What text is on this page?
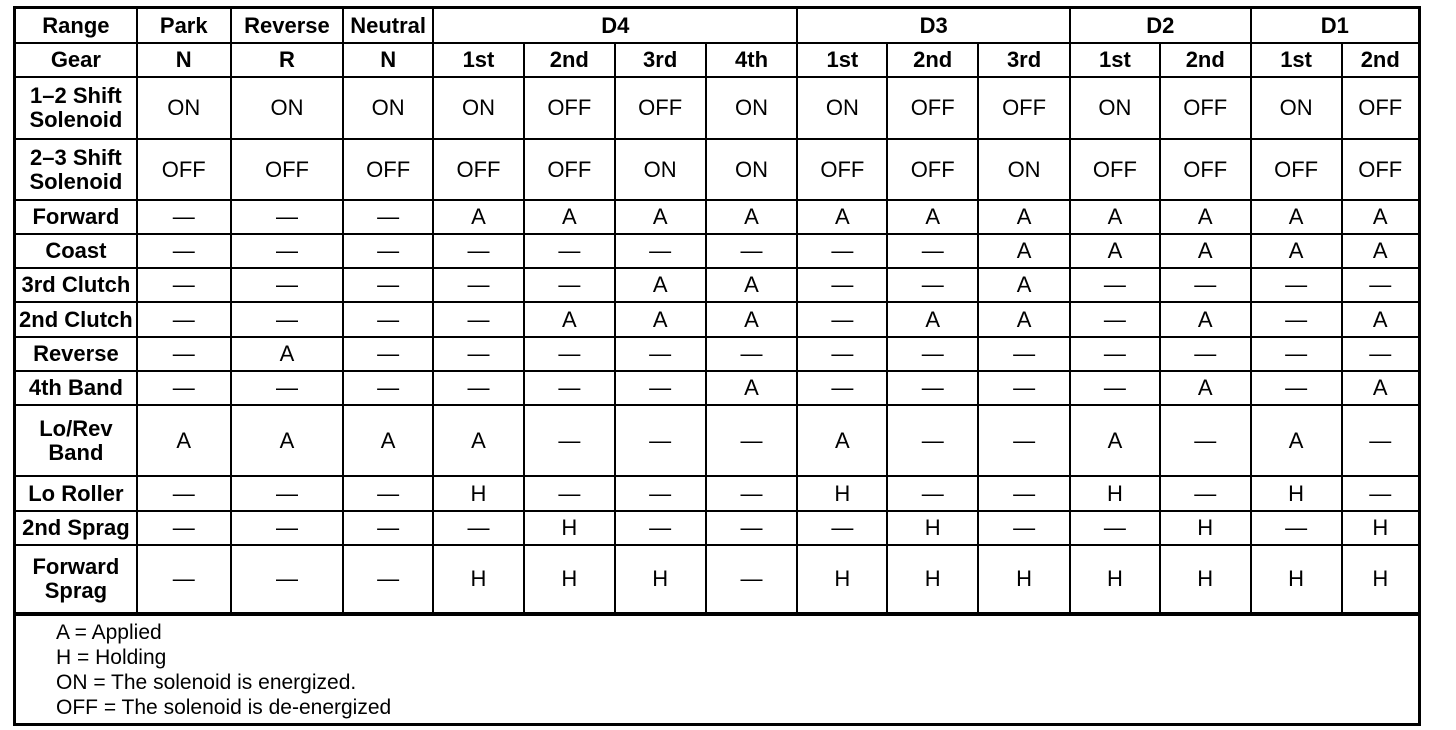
Range	Park	Reverse	Neutral	D4				D3			D2		D1	
Gear	N	R	N	1st	2nd	3rd	4th	1st	2nd	3rd	1st	2nd	1st	2nd
1–2 Shift Solenoid	ON	ON	ON	ON	OFF	OFF	ON	ON	OFF	OFF	ON	OFF	ON	OFF
2–3 Shift Solenoid	OFF	OFF	OFF	OFF	OFF	ON	ON	OFF	OFF	ON	OFF	OFF	OFF	OFF
Forward	—	—	—	A	A	A	A	A	A	A	A	A	A	A
Coast	—	—	—	—	—	—	—	—	—	A	A	A	A	A
3rd Clutch	—	—	—	—	—	A	A	—	—	A	—	—	—	—
2nd Clutch	—	—	—	—	A	A	A	—	A	A	—	A	—	A
Reverse	—	A	—	—	—	—	—	—	—	—	—	—	—	—
4th Band	—	—	—	—	—	—	A	—	—	—	—	A	—	A
Lo/Rev Band	A	A	A	A	—	—	—	A	—	—	A	—	A	—
Lo Roller	—	—	—	H	—	—	—	H	—	—	H	—	H	—
2nd Sprag	—	—	—	—	H	—	—	—	H	—	—	H	—	H
Forward Sprag	—	—	—	H	H	H	—	H	H	H	H	H	H	H
A = Applied
H = Holding
ON = The solenoid is energized.
OFF = The solenoid is de-energized
